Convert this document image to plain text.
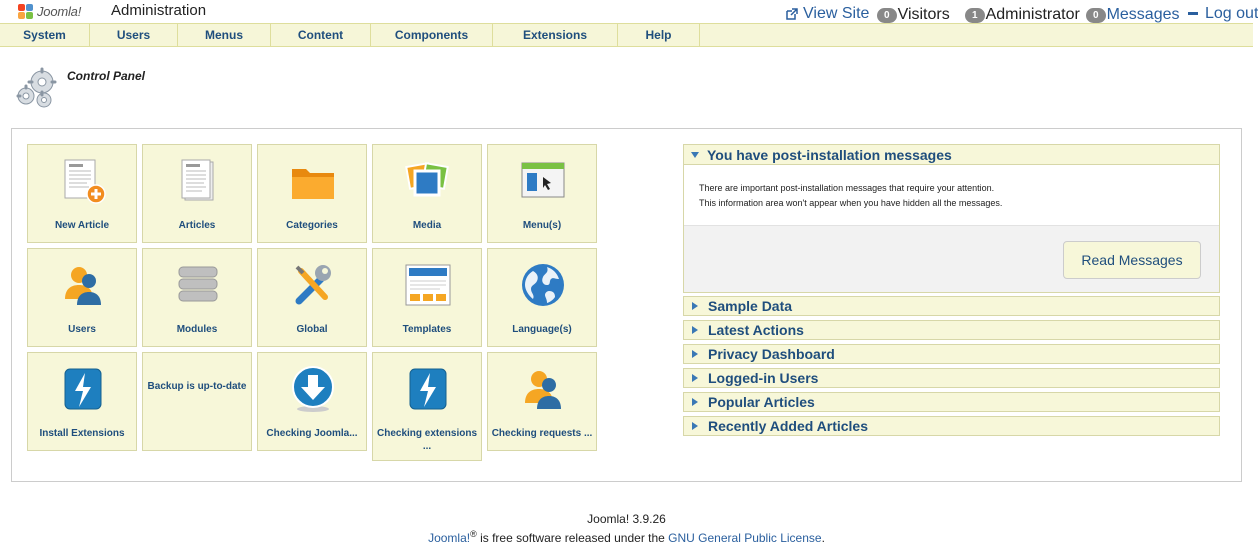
Joomla! Administration	View Site	0 Visitors	1 Administrator	0 Messages Log out
System	Users	Menus	Content	Components	Extensions	Help
Control Panel
New Article	Articles	Categories	Media	Menu(s)
Users	Modules	Global	Templates	Language(s)
Install Extensions
Backup is up-to-date
Checking Joomla...	Checking extensions ...
Checking requests ...
You have post-installation messages
There are important post-installation messages that require your attention.
This information area won't appear when you have hidden all the messages.
Read Messages
Sample Data
Latest Actions
Privacy Dashboard
Logged-in Users
Popular Articles
Recently Added Articles
Joomla! 3.9.26
Joomla!® is free software released under the GNU General Public License.
